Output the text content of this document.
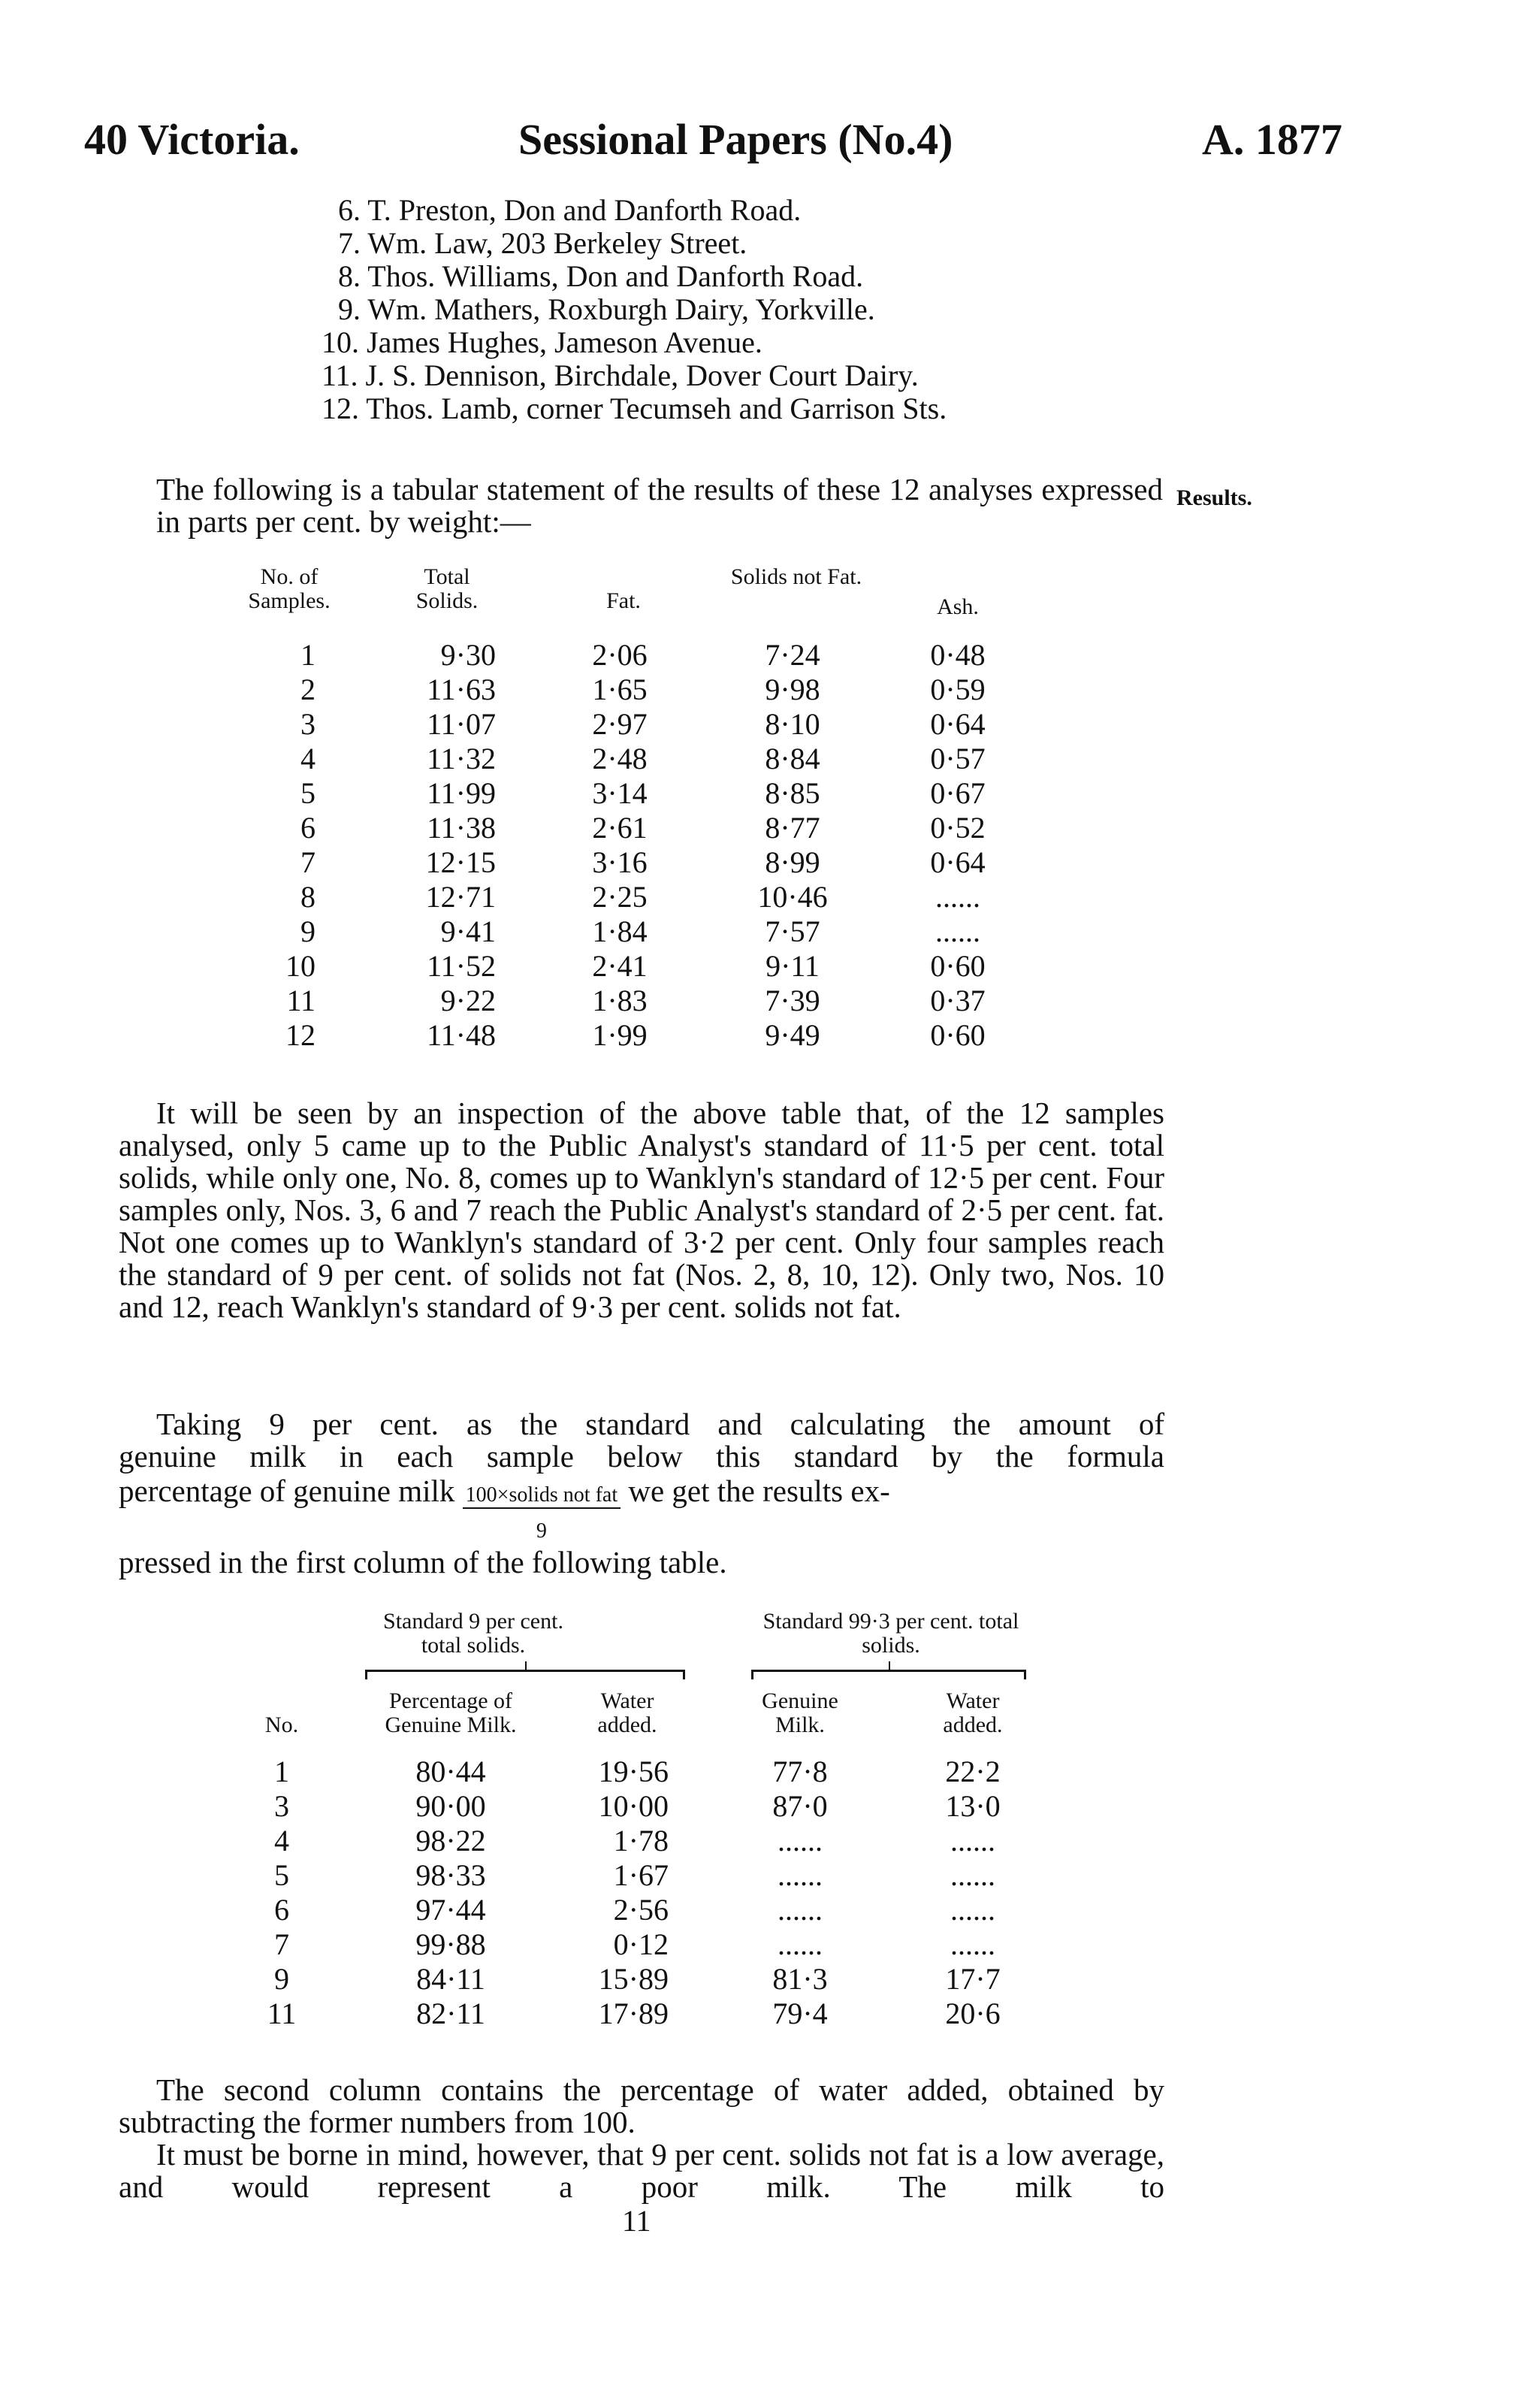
40 Victoria.	Sessional Papers (No.4)	A. 1877
6. T. Preston, Don and Danforth Road.
7. Wm. Law, 203 Berkeley Street.
8. Thos. Williams, Don and Danforth Road.
9. Wm. Mathers, Roxburgh Dairy, Yorkville.
10. James Hughes, Jameson Avenue.
11. J. S. Dennison, Birchdale, Dover Court Dairy.
12. Thos. Lamb, corner Tecumseh and Garrison Sts.

The following is a tabular statement of the results of these 12 analyses expressed in parts per cent. by weight:—

Results.
No. of Samples.
Total Solids.	Fat.
Solids not Fat.
Ash.
1	9·30	2·06	7·24	0·48
2	11·63	1·65	9·98	0·59
3	11·07	2·97	8·10	0·64
4	11·32	2·48	8·84	0·57
5	11·99	3·14	8·85	0·67
6	11·38	2·61	8·77	0·52
7	12·15	3·16	8·99	0·64
8	12·71	2·25	10·46	......
9	9·41	1·84	7·57	......
10	11·52	2·41	9·11	0·60
11	9·22	1·83	7·39	0·37
12	11·48	1·99	9·49	0·60

It will be seen by an inspection of the above table that, of the 12 samples analysed, only 5 came up to the Public Analyst's standard of 11·5 per cent. total solids, while only one, No. 8, comes up to Wanklyn's standard of 12·5 per cent. Four samples only, Nos. 3, 6 and 7 reach the Public Analyst's standard of 2·5 per cent. fat. Not one comes up to Wanklyn's standard of 3·2 per cent. Only four samples reach the standard of 9 per cent. of solids not fat (Nos. 2, 8, 10, 12). Only two, Nos. 10 and 12, reach Wanklyn's standard of 9·3 per cent. solids not fat.

Taking 9 per cent. as the standard and calculating the amount of
genuine milk in each sample below this standard by the formula
percentage of genuine milk $\frac{\text{100×solids not fat}}{9}$ we get the results ex-
pressed in the first column of the following table.
Standard 9 per cent. total solids.
Standard 99·3 per cent. total solids.
No.
Percentage of Genuine Milk.
Water added.
Genuine Milk.
Water added.
1	80·44	19·56	77·8	22·2
3	90·00	10·00	87·0	13·0
4	98·22	1·78	......	......
5	98·33	1·67	......	......
6	97·44	2·56	......	......
7	99·88	0·12	......	......
9	84·11	15·89	81·3	17·7
11	82·11	17·89	79·4	20·6

The second column contains the percentage of water added, obtained by subtracting the former numbers from 100.

It must be borne in mind, however, that 9 per cent. solids not fat is a low average, and would represent a poor milk. The milk to

11
